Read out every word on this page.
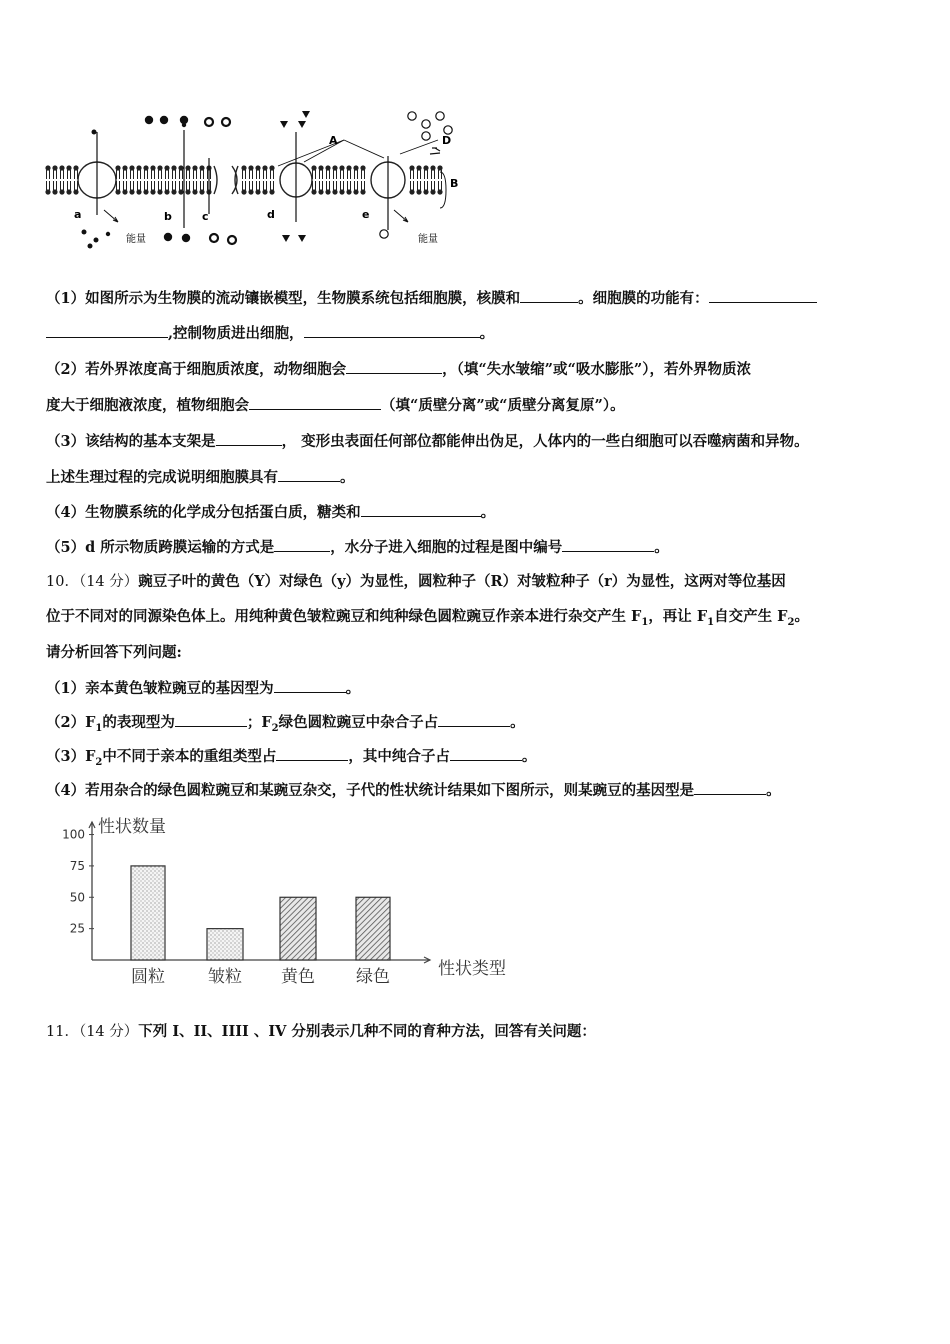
A	D
B
a	b	c	d	e
能量	能量
（1）如图所示为生物膜的流动镶嵌模型，生物膜系统包括细胞膜，核膜和	。细胞膜的功能有：
,控制物质进出细胞，	。
（2）若外界浓度高于细胞质浓度，动物细胞会	，（填“失水皱缩”或“吸水膨胀”），若外界物质浓
度大于细胞液浓度，植物细胞会	（填“质壁分离”或“质壁分离复原”）。
（3）该结构的基本支架是	， 变形虫表面任何部位都能伸出伪足，人体内的一些白细胞可以吞噬病菌和异物。
上述生理过程的完成说明细胞膜具有	。
（4）生物膜系统的化学成分包括蛋白质，糖类和	。
（5）d 所示物质跨膜运输的方式是	，水分子进入细胞的过程是图中编号	。
10．（14 分）豌豆子叶的黄色（Y）对绿色（y）为显性，圆粒种子（R）对皱粒种子（r）为显性，这两对等位基因
位于不同对的同源染色体上。用纯种黄色皱粒豌豆和纯种绿色圆粒豌豆作亲本进行杂交产生 $F_1$，再让 $F_1$自交产生 $F_2$。
请分析回答下列问题:
（1）亲本黄色皱粒豌豆的基因型为	。
$(2)F_1$的表现型为	；$F_2$绿色圆粒豌豆中杂合子占	。
$(3)F_2$中不同于亲本的重组类型占	，其中纯合子占	。
（4）若用杂合的绿色圆粒豌豆和某豌豆杂交，子代的性状统计结果如下图所示，则某豌豆的基因型是	。
25
50
75
100 性状数量
性状类型
圆粒	皱粒 黄色 绿色
11．（14 分）下列 I、II、IIII 、IV 分别表示几种不同的育种方法，回答有关问题：
